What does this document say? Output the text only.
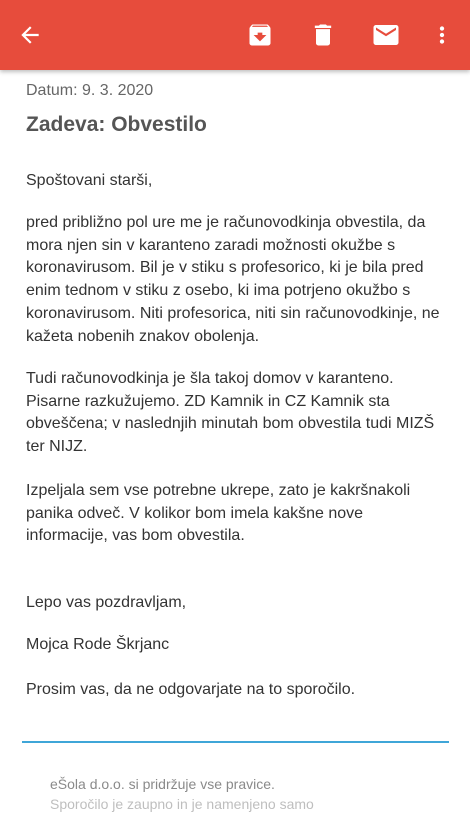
Datum: 9. 3. 2020
Zadeva: Obvestilo

Spoštovani starši,

pred približno pol ure me je računovodkinja obvestila, da mora njen sin v karanteno zaradi možnosti okužbe s koronavirusom. Bil je v stiku s profesorico, ki je bila pred enim tednom v stiku z osebo, ki ima potrjeno okužbo s koronavirusom. Niti profesorica, niti sin računovodkinje, ne kažeta nobenih znakov obolenja.

Tudi računovodkinja je šla takoj domov v karanteno. Pisarne razkužujemo. ZD Kamnik in CZ Kamnik sta obveščena; v naslednjih minutah bom obvestila tudi MIZŠ ter NIJZ.

Izpeljala sem vse potrebne ukrepe, zato je kakršnakoli panika odveč. V kolikor bom imela kakšne nove informacije, vas bom obvestila.

Lepo vas pozdravljam,

Mojca Rode Škrjanc

Prosim vas, da ne odgovarjate na to sporočilo.

eŠola d.o.o. si pridržuje vse pravice.
Sporočilo je zaupno in je namenjeno samo
